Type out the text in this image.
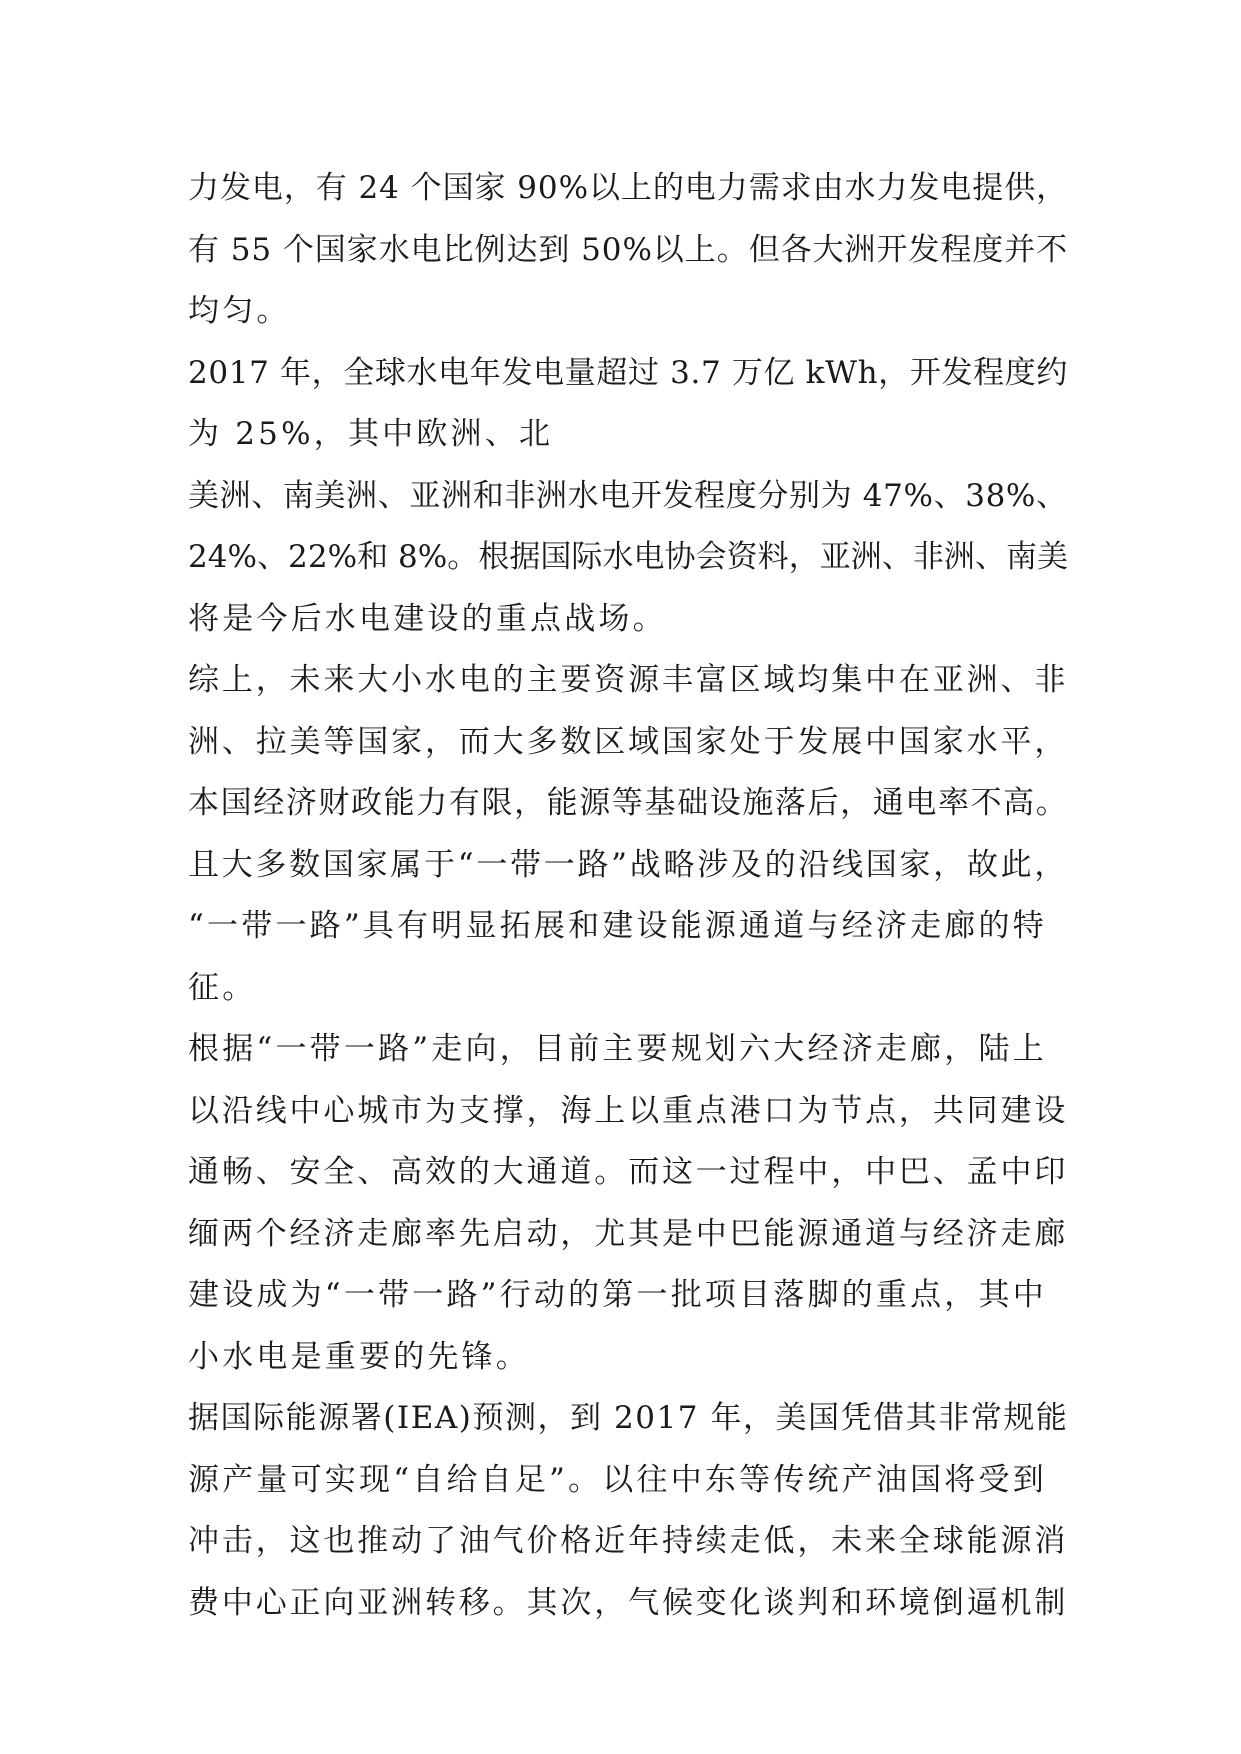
力发电，有 24 个国家 90%以上的电力需求由水力发电提供，
有 55 个国家水电比例达到 50%以上。但各大洲开发程度并不
均匀。
2017 年，全球水电年发电量超过 3.7 万亿 kWh，开发程度约
为 25%，其中欧洲、北
美洲、南美洲、亚洲和非洲水电开发程度分别为 47%、38%、
24%、22%和 8%。根据国际水电协会资料，亚洲、非洲、南美
将是今后水电建设的重点战场。
综上，未来大小水电的主要资源丰富区域均集中在亚洲、非
洲、拉美等国家，而大多数区域国家处于发展中国家水平，
本国经济财政能力有限，能源等基础设施落后，通电率不高。
且大多数国家属于“一带一路”战略涉及的沿线国家，故此，
“一带一路”具有明显拓展和建设能源通道与经济走廊的特
征。
根据“一带一路”走向，目前主要规划六大经济走廊，陆上
以沿线中心城市为支撑，海上以重点港口为节点，共同建设
通畅、安全、高效的大通道。而这一过程中，中巴、孟中印
缅两个经济走廊率先启动，尤其是中巴能源通道与经济走廊
建设成为“一带一路”行动的第一批项目落脚的重点，其中
小水电是重要的先锋。
据国际能源署(IEA)预测，到 2017 年，美国凭借其非常规能
源产量可实现“自给自足”。以往中东等传统产油国将受到
冲击，这也推动了油气价格近年持续走低，未来全球能源消
费中心正向亚洲转移。其次，气候变化谈判和环境倒逼机制
